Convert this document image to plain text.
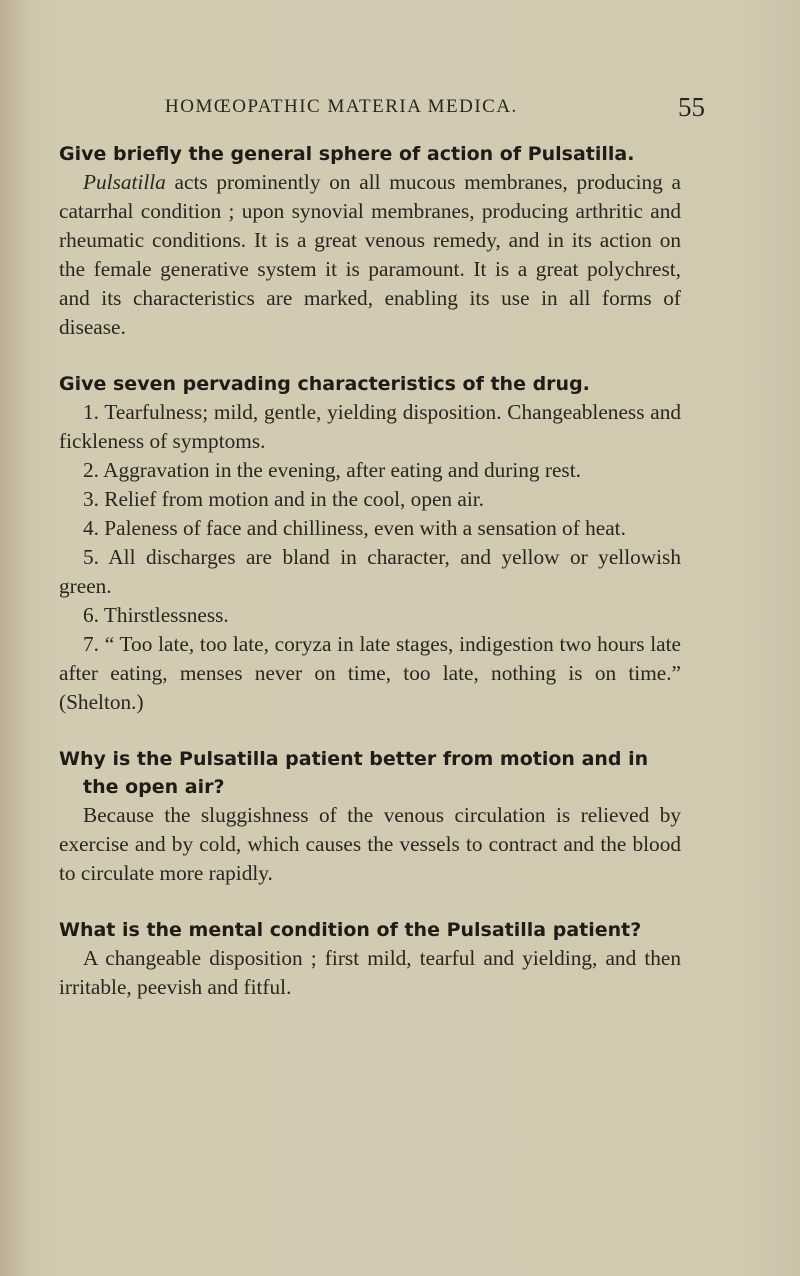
HOMŒOPATHIC MATERIA MEDICA.	55

Give briefly the general sphere of action of Pulsatilla.

Pulsatilla acts prominently on all mucous membranes, producing a catarrhal condition ; upon synovial membranes, producing arthritic and rheumatic conditions. It is a great venous remedy, and in its action on the female generative system it is paramount. It is a great polychrest, and its characteristics are marked, enabling its use in all forms of disease.

Give seven pervading characteristics of the drug.

1. Tearfulness; mild, gentle, yielding disposition. Changeableness and fickleness of symptoms.

2. Aggravation in the evening, after eating and during rest.

3. Relief from motion and in the cool, open air.

4. Paleness of face and chilliness, even with a sensation of heat.

5. All discharges are bland in character, and yellow or yellowish green.

6. Thirstlessness.

7. “ Too late, too late, coryza in late stages, indigestion two hours late after eating, menses never on time, too late, nothing is on time.” (Shelton.)

Why is the Pulsatilla patient better from motion and in the open air?

Because the sluggishness of the venous circulation is relieved by exercise and by cold, which causes the vessels to contract and the blood to circulate more rapidly.

What is the mental condition of the Pulsatilla patient?

A changeable disposition ; first mild, tearful and yielding, and then irritable, peevish and fitful.
